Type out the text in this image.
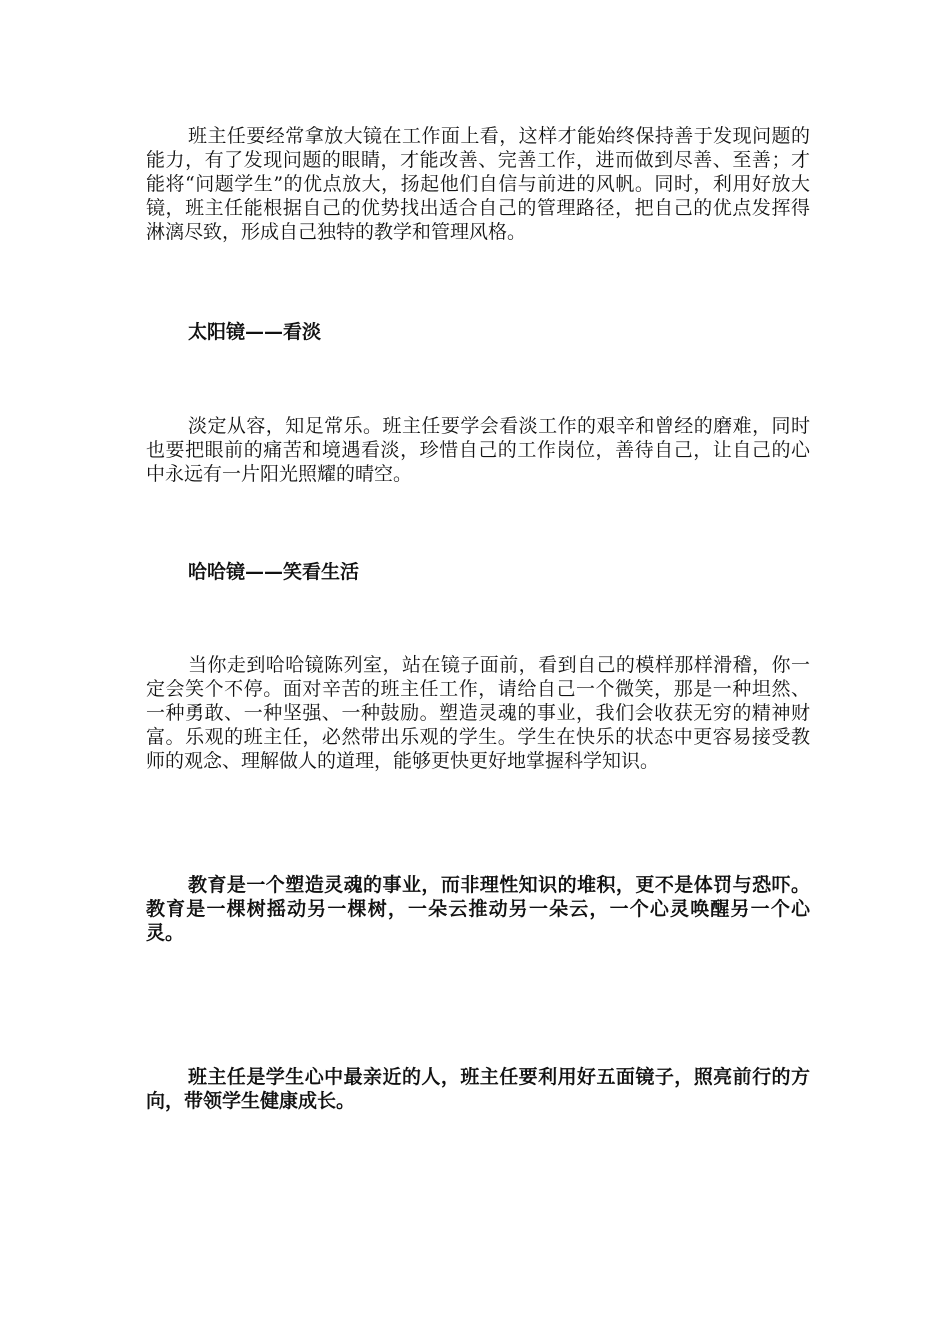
班主任要经常拿放大镜在工作面上看，这样才能始终保持善于发现问题的能力，有了发现问题的眼睛，才能改善、完善工作，进而做到尽善、至善；才能将“问题学生”的优点放大，扬起他们自信与前进的风帆。同时，利用好放大镜，班主任能根据自己的优势找出适合自己的管理路径，把自己的优点发挥得淋漓尽致，形成自己独特的教学和管理风格。

太阳镜——看淡

淡定从容，知足常乐。班主任要学会看淡工作的艰辛和曾经的磨难，同时也要把眼前的痛苦和境遇看淡，珍惜自己的工作岗位，善待自己，让自己的心中永远有一片阳光照耀的晴空。

哈哈镜——笑看生活

当你走到哈哈镜陈列室，站在镜子面前，看到自己的模样那样滑稽，你一定会笑个不停。面对辛苦的班主任工作，请给自己一个微笑，那是一种坦然、一种勇敢、一种坚强、一种鼓励。塑造灵魂的事业，我们会收获无穷的精神财富。乐观的班主任，必然带出乐观的学生。学生在快乐的状态中更容易接受教师的观念、理解做人的道理，能够更快更好地掌握科学知识。

教育是一个塑造灵魂的事业，而非理性知识的堆积，更不是体罚与恐吓。教育是一棵树摇动另一棵树，一朵云推动另一朵云，一个心灵唤醒另一个心灵。

班主任是学生心中最亲近的人，班主任要利用好五面镜子，照亮前行的方向，带领学生健康成长。
